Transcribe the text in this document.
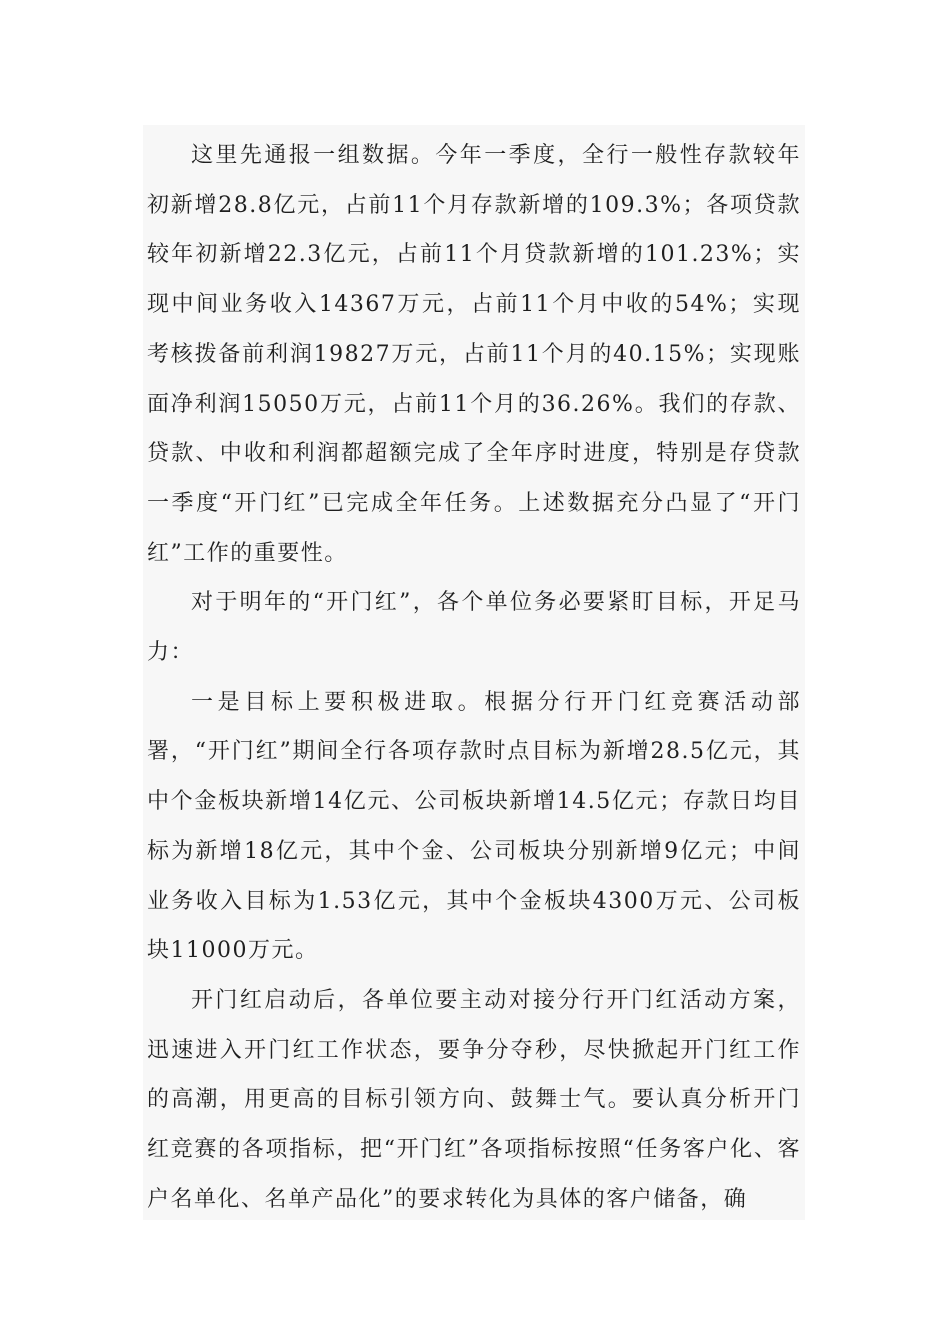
这里先通报一组数据。今年一季度，全行一般性存款较年初新增28.8亿元，占前11个月存款新增的109.3%；各项贷款较年初新增22.3亿元，占前11个月贷款新增的101.23%；实现中间业务收入14367万元，占前11个月中收的54%；实现考核拨备前利润19827万元，占前11个月的40.15%；实现账面净利润15050万元，占前11个月的36.26%。我们的存款、贷款、中收和利润都超额完成了全年序时进度，特别是存贷款一季度“开门红”已完成全年任务。上述数据充分凸显了“开门红”工作的重要性。

对于明年的“开门红”，各个单位务必要紧盯目标，开足马力：

一是目标上要积极进取。根据分行开门红竞赛活动部署，“开门红”期间全行各项存款时点目标为新增28.5亿元，其中个金板块新增14亿元、公司板块新增14.5亿元；存款日均目标为新增18亿元，其中个金、公司板块分别新增9亿元；中间业务收入目标为1.53亿元，其中个金板块4300万元、公司板块11000万元。

开门红启动后，各单位要主动对接分行开门红活动方案，迅速进入开门红工作状态，要争分夺秒，尽快掀起开门红工作的高潮，用更高的目标引领方向、鼓舞士气。要认真分析开门红竞赛的各项指标，把“开门红”各项指标按照“任务客户化、客户名单化、名单产品化”的要求转化为具体的客户储备，确
